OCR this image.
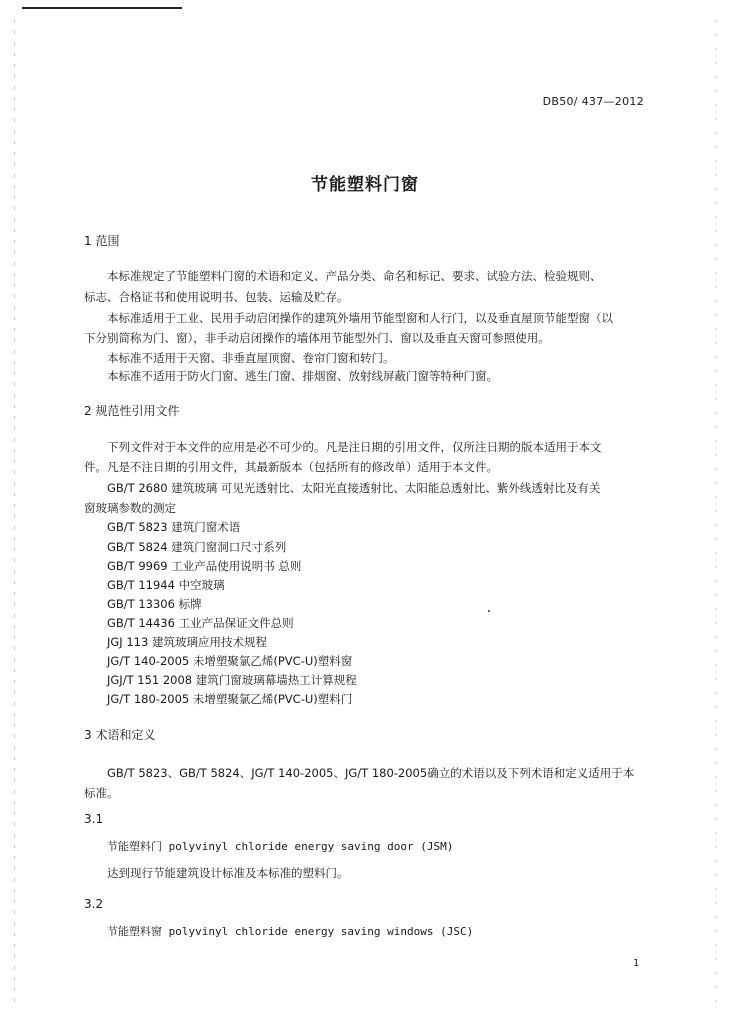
DB50/ 437—2012
节能塑料门窗
1 范围
本标准规定了节能塑料门窗的术语和定义、产品分类、命名和标记、要求、试验方法、检验规则、
标志、合格证书和使用说明书、包装、运输及贮存。
本标准适用于工业、民用手动启闭操作的建筑外墙用节能型窗和人行门，以及垂直屋顶节能型窗（以
下分别简称为门、窗），非手动启闭操作的墙体用节能型外门、窗以及垂直天窗可参照使用。
本标准不适用于天窗、非垂直屋顶窗、卷帘门窗和转门。
本标准不适用于防火门窗、逃生门窗、排烟窗、放射线屏蔽门窗等特种门窗。
2 规范性引用文件
下列文件对于本文件的应用是必不可少的。凡是注日期的引用文件，仅所注日期的版本适用于本文
件。凡是不注日期的引用文件，其最新版本（包括所有的修改单）适用于本文件。
GB/T 2680 建筑玻璃 可见光透射比、太阳光直接透射比、太阳能总透射比、紫外线透射比及有关
窗玻璃参数的测定
GB/T 5823 建筑门窗术语
GB/T 5824 建筑门窗洞口尺寸系列
GB/T 9969 工业产品使用说明书 总则
GB/T 11944 中空玻璃
GB/T 13306 标牌
GB/T 14436 工业产品保证文件总则
JGJ 113 建筑玻璃应用技术规程
JG/T 140-2005 未增塑聚氯乙烯(PVC-U)塑料窗
JGJ/T 151 2008 建筑门窗玻璃幕墙热工计算规程
JG/T 180-2005 未增塑聚氯乙烯(PVC-U)塑料门
3 术语和定义
GB/T 5823、GB/T 5824、JG/T 140-2005、JG/T 180-2005确立的术语以及下列术语和定义适用于本
标准。
3.1
节能塑料门 polyvinyl chloride energy saving door (JSM)
达到现行节能建筑设计标准及本标准的塑料门。
3.2
节能塑料窗 polyvinyl chloride energy saving windows (JSC)
1
